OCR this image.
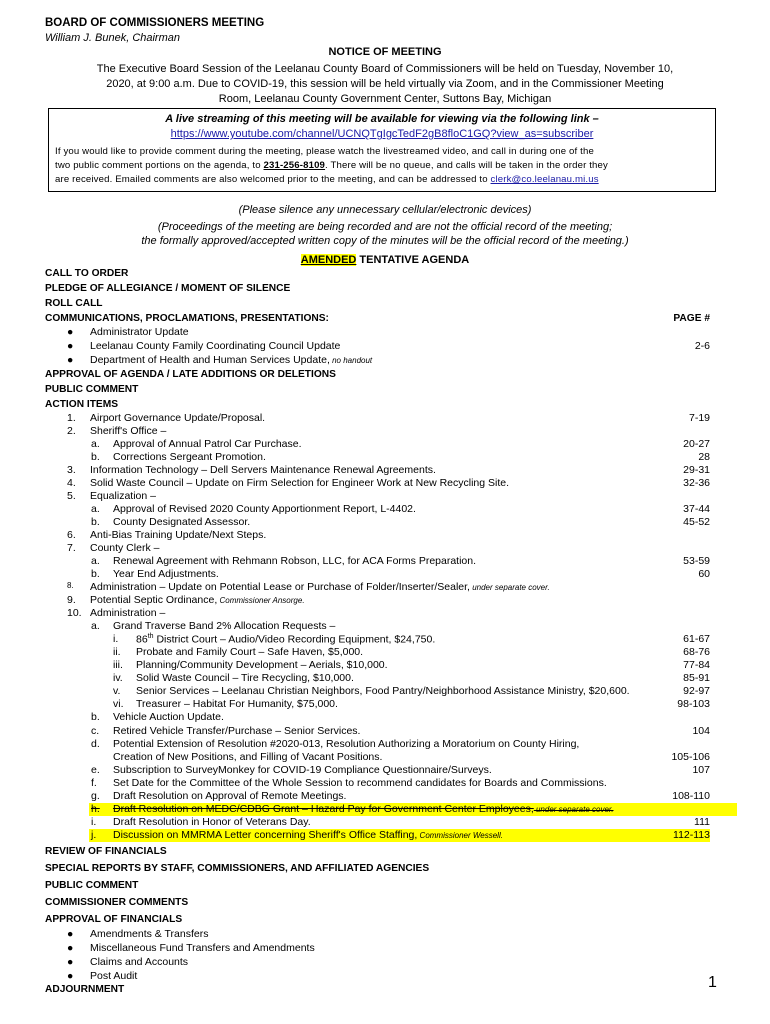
BOARD OF COMMISSIONERS MEETING
William J. Bunek, Chairman
NOTICE OF MEETING
The Executive Board Session of the Leelanau County Board of Commissioners will be held on Tuesday, November 10,
2020, at 9:00 a.m. Due to COVID-19, this session will be held virtually via Zoom, and in the Commissioner Meeting
Room, Leelanau County Government Center, Suttons Bay, Michigan
A live streaming of this meeting will be available for viewing via the following link –
https://www.youtube.com/channel/UCNQTgIgcTedF2gB8floC1GQ?view_as=subscriber
If you would like to provide comment during the meeting, please watch the livestreamed video, and call in during one of the
two public comment portions on the agenda, to 231-256-8109. There will be no queue, and calls will be taken in the order they
are received. Emailed comments are also welcomed prior to the meeting, and can be addressed to clerk@co.leelanau.mi.us
(Please silence any unnecessary cellular/electronic devices)
(Proceedings of the meeting are being recorded and are not the official record of the meeting;
the formally approved/accepted written copy of the minutes will be the official record of the meeting.)
AMENDED TENTATIVE AGENDA
CALL TO ORDER
PLEDGE OF ALLEGIANCE / MOMENT OF SILENCE
ROLL CALL
COMMUNICATIONS, PROCLAMATIONS, PRESENTATIONS:	PAGE #
● Administrator Update
● Leelanau County Family Coordinating Council Update	2-6
● Department of Health and Human Services Update, no handout
APPROVAL OF AGENDA / LATE ADDITIONS OR DELETIONS
PUBLIC COMMENT
ACTION ITEMS
1. Airport Governance Update/Proposal.	7-19
2. Sheriff's Office –
a. Approval of Annual Patrol Car Purchase.	20-27
b. Corrections Sergeant Promotion.	28
3. Information Technology – Dell Servers Maintenance Renewal Agreements.	29-31
4. Solid Waste Council – Update on Firm Selection for Engineer Work at New Recycling Site.	32-36
5. Equalization –
a. Approval of Revised 2020 County Apportionment Report, L-4402.	37-44
b. County Designated Assessor.	45-52
6. Anti-Bias Training Update/Next Steps.
7. County Clerk –
a. Renewal Agreement with Rehmann Robson, LLC, for ACA Forms Preparation.	53-59
b. Year End Adjustments.	60
8. Administration – Update on Potential Lease or Purchase of Folder/Inserter/Sealer, under separate cover.
9. Potential Septic Ordinance, Commissioner Ansorge.
10. Administration –
a. Grand Traverse Band 2% Allocation Requests –
i. 86th District Court – Audio/Video Recording Equipment, $24,750.	61-67
ii. Probate and Family Court – Safe Haven, $5,000.	68-76
iii. Planning/Community Development – Aerials, $10,000.	77-84
iv. Solid Waste Council – Tire Recycling, $10,000.	85-91
v. Senior Services – Leelanau Christian Neighbors, Food Pantry/Neighborhood Assistance Ministry, $20,600.	92-97
vi. Treasurer – Habitat For Humanity, $75,000.	98-103
b. Vehicle Auction Update.
c. Retired Vehicle Transfer/Purchase – Senior Services.	104
d. Potential Extension of Resolution #2020-013, Resolution Authorizing a Moratorium on County Hiring,
Creation of New Positions, and Filling of Vacant Positions.	105-106
e. Subscription to SurveyMonkey for COVID-19 Compliance Questionnaire/Surveys.	107
f. Set Date for the Committee of the Whole Session to recommend candidates for Boards and Commissions.
g. Draft Resolution on Approval of Remote Meetings.	108-110
h. Draft Resolution on MEDC/CDBG Grant – Hazard Pay for Government Center Employees, under separate cover.
i. Draft Resolution in Honor of Veterans Day.	111
j. Discussion on MMRMA Letter concerning Sheriff's Office Staffing, Commissioner Wessell.	112-113
REVIEW OF FINANCIALS
SPECIAL REPORTS BY STAFF, COMMISSIONERS, AND AFFILIATED AGENCIES
PUBLIC COMMENT
COMMISSIONER COMMENTS
APPROVAL OF FINANCIALS
● Amendments & Transfers
● Miscellaneous Fund Transfers and Amendments
● Claims and Accounts
● Post Audit
ADJOURNMENT	1
